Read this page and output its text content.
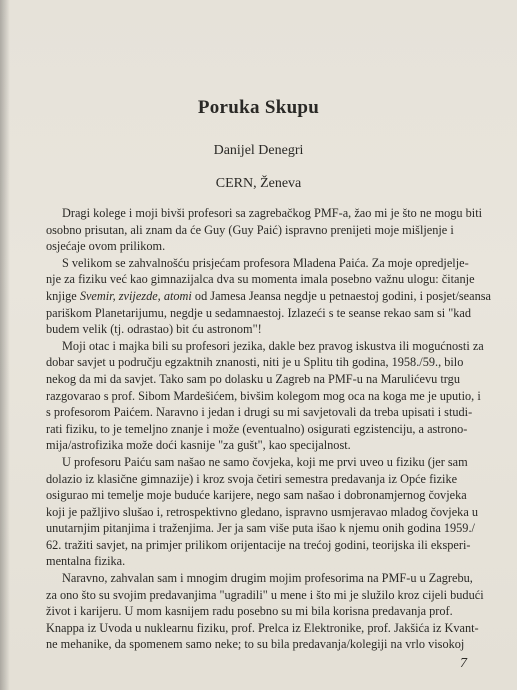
Poruka Skupu
Danijel Denegri
CERN, Ženeva
Dragi kolege i moji bivši profesori sa zagrebačkog PMF-a, žao mi je što ne mogu biti
osobno prisutan, ali znam da će Guy (Guy Paić) ispravno prenijeti moje mišljenje i
osjećaje ovom prilikom.
S velikom se zahvalnošću prisjećam profesora Mladena Paića. Za moje opredjelje-
nje za fiziku već kao gimnazijalca dva su momenta imala posebno važnu ulogu: čitanje
knjige Svemir, zvijezde, atomi od Jamesa Jeansa negdje u petnaestoj godini, i posjet/seansa
pariškom Planetarijumu, negdje u sedamnaestoj. Izlazeći s te seanse rekao sam si "kad
budem velik (tj. odrastao) bit ću astronom"!
Moji otac i majka bili su profesori jezika, dakle bez pravog iskustva ili mogućnosti za
dobar savjet u području egzaktnih znanosti, niti je u Splitu tih godina, 1958./59., bilo
nekog da mi da savjet. Tako sam po dolasku u Zagreb na PMF-u na Marulićevu trgu
razgovarao s prof. Sibom Mardešićem, bivšim kolegom mog oca na koga me je uputio, i
s profesorom Paićem. Naravno i jedan i drugi su mi savjetovali da treba upisati i studi-
rati fiziku, to je temeljno znanje i može (eventualno) osigurati egzistenciju, a astrono-
mija/astrofizika može doći kasnije "za gušt", kao specijalnost.
U profesoru Paiću sam našao ne samo čovjeka, koji me prvi uveo u fiziku (jer sam
dolazio iz klasične gimnazije) i kroz svoja četiri semestra predavanja iz Opće fizike
osigurao mi temelje moje buduće karijere, nego sam našao i dobronamjernog čovjeka
koji je pažljivo slušao i, retrospektivno gledano, ispravno usmjeravao mladog čovjeka u
unutarnjim pitanjima i traženjima. Jer ja sam više puta išao k njemu onih godina 1959./
62. tražiti savjet, na primjer prilikom orijentacije na trećoj godini, teorijska ili eksperi-
mentalna fizika.
Naravno, zahvalan sam i mnogim drugim mojim profesorima na PMF-u u Zagrebu,
za ono što su svojim predavanjima "ugradili" u mene i što mi je služilo kroz cijeli budući
život i karijeru. U mom kasnijem radu posebno su mi bila korisna predavanja prof.
Knappa iz Uvoda u nuklearnu fiziku, prof. Prelca iz Elektronike, prof. Jakšića iz Kvant-
ne mehanike, da spomenem samo neke; to su bila predavanja/kolegiji na vrlo visokoj
7
